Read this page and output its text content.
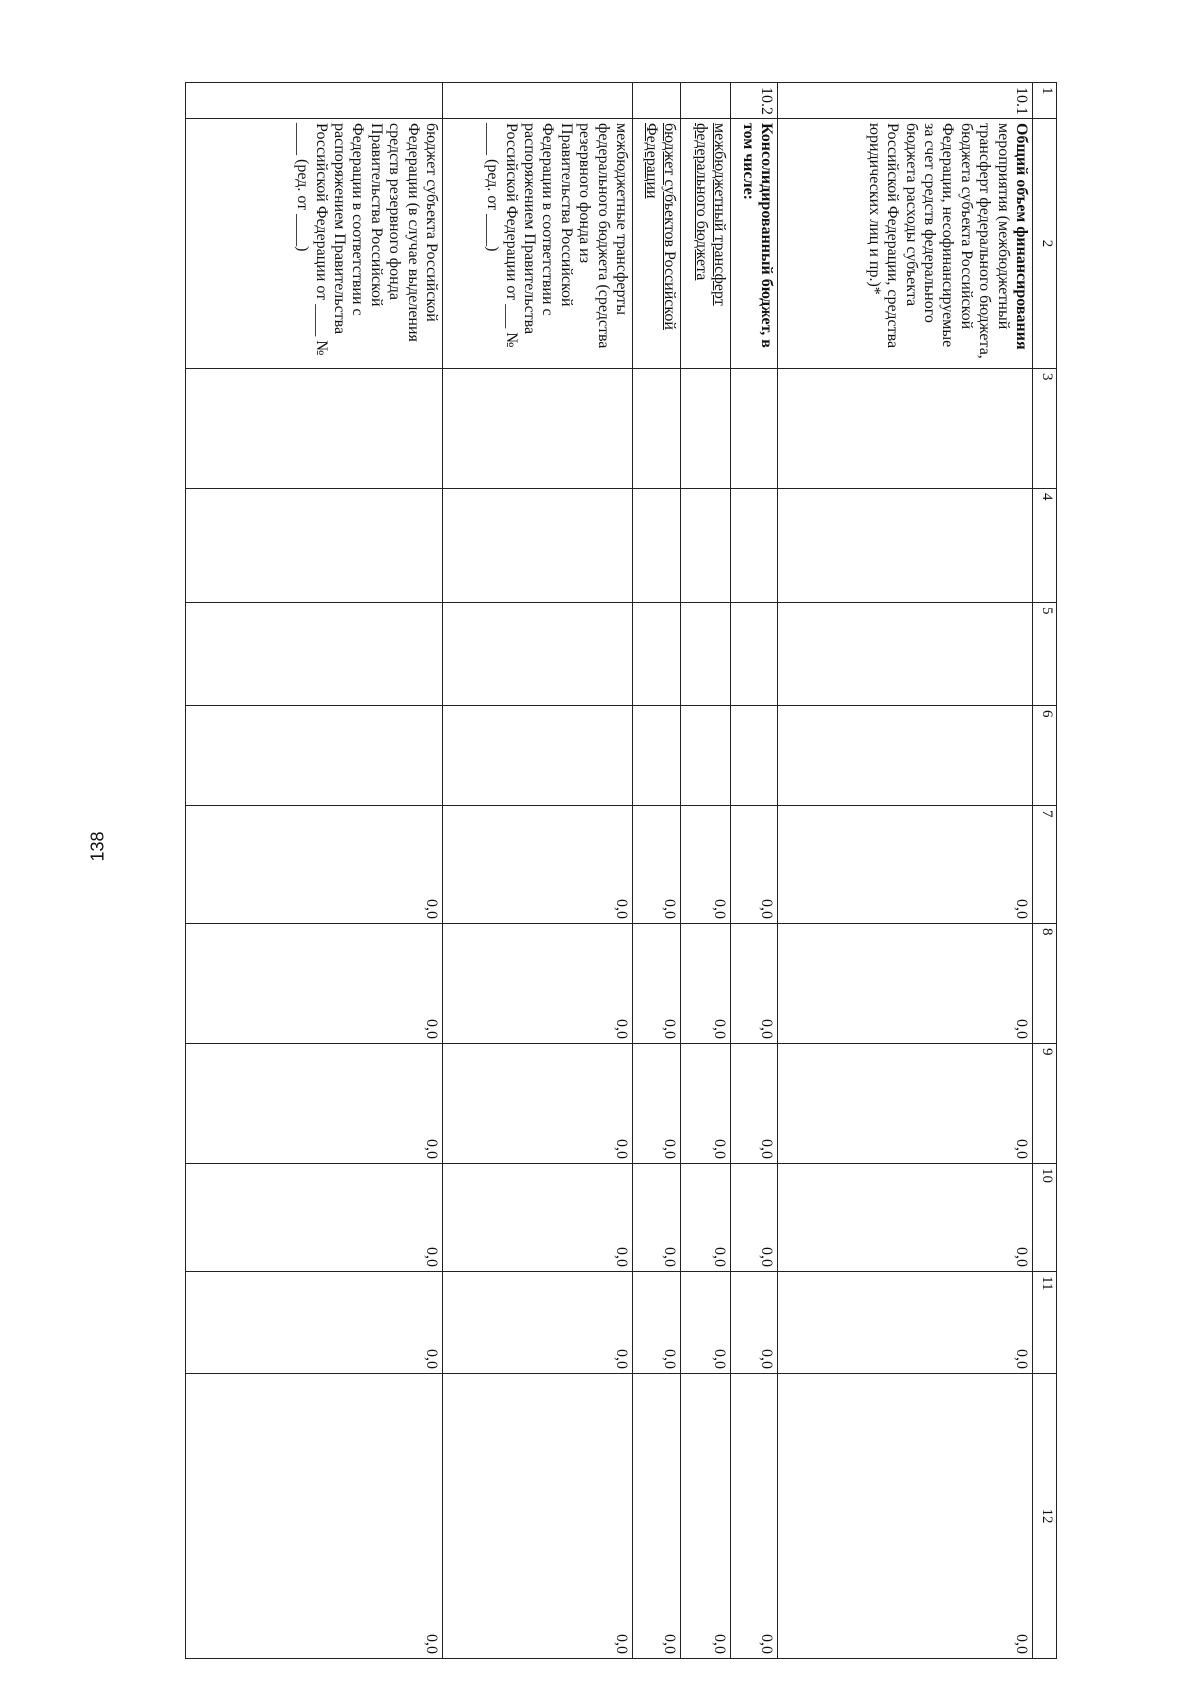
138
1	2	3	4	5	6	7	8	9	10	11	12
10.1	Общий объем финансирования мероприятия (межбюджетный трансферт федерального бюджета, бюджета субъекта Российской Федерации, несофинансируемые за счет средств федерального бюджета расходы субъекта Российской Федерации, средства юридических лиц и пр.)*					0,0	0,0	0,0	0,0	0,0	0,0
10.2	Консолидированный бюджет, в том числе:					0,0	0,0	0,0	0,0	0,0	0,0
	межбюджетный трансферт федерального бюджета					0,0	0,0	0,0	0,0	0,0	0,0
	бюджет субъектов Российской Федерации					0,0	0,0	0,0	0,0	0,0	0,0
	межбюджетные трансферты федерального бюджета (средства резервного фонда из Правительства Российской Федерации в соответствии с распоряжением Правительства Российской Федерации от ___ № ____ (ред. от ____)					0,0	0,0	0,0	0,0	0,0	0,0
	бюджет субъекта Российской Федерации (в случае выделения средств резервного фонда Правительства Российской Федерации в соответствии с распоряжением Правительства Российской Федерации от ____ № ____ (ред. от ____)					0,0	0,0	0,0	0,0	0,0	0,0
